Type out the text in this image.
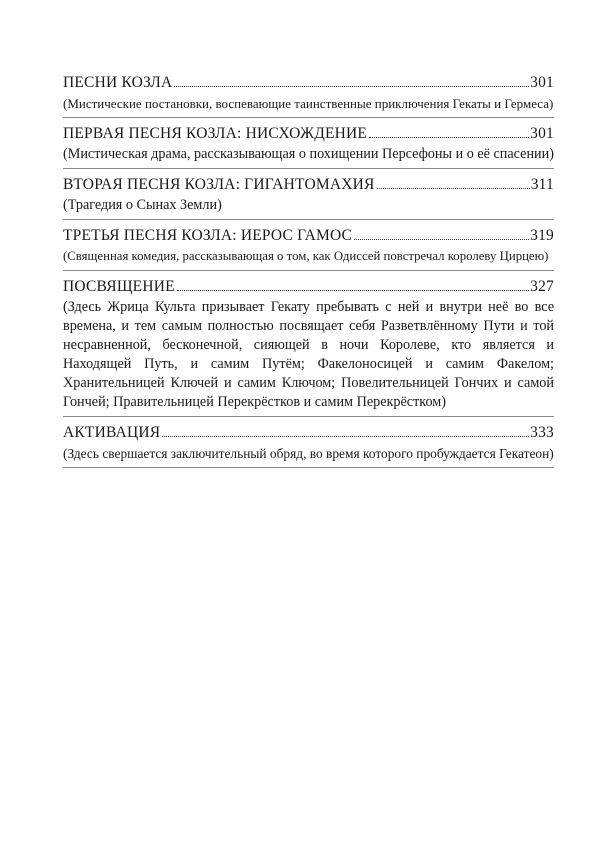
ПЕСНИ КОЗЛА	301
(Мистические постановки, воспевающие таинственные приключения Гекаты и Гермеса)
ПЕРВАЯ ПЕСНЯ КОЗЛА: НИСХОЖДЕНИЕ	301
(Мистическая драма, рассказывающая о похищении Персефоны и о её спасении)
ВТОРАЯ ПЕСНЯ КОЗЛА: ГИГАНТОМАХИЯ	311
(Трагедия о Сынах Земли)
ТРЕТЬЯ ПЕСНЯ КОЗЛА: ИЕРОС ГАМОС	319
(Священная комедия, рассказывающая о том, как Одиссей повстречал королеву Цирцею)
ПОСВЯЩЕНИЕ	327
(Здесь Жрица Культа призывает Гекату пребывать с ней и внутри неё во все времена, и тем самым полностью посвящает себя Разветвлённому Пути и той несравненной, бесконечной, сияющей в ночи Королеве, кто является и Находящей Путь, и самим Путём; Факелоносицей и самим Факелом; Хранительницей Ключей и самим Ключом; Повелительницей Гончих и самой Гончей; Правительницей Перекрёстков и самим Перекрёстком)
АКТИВАЦИЯ	333
(Здесь свершается заключительный обряд, во время которого пробуждается Гекатеон)
